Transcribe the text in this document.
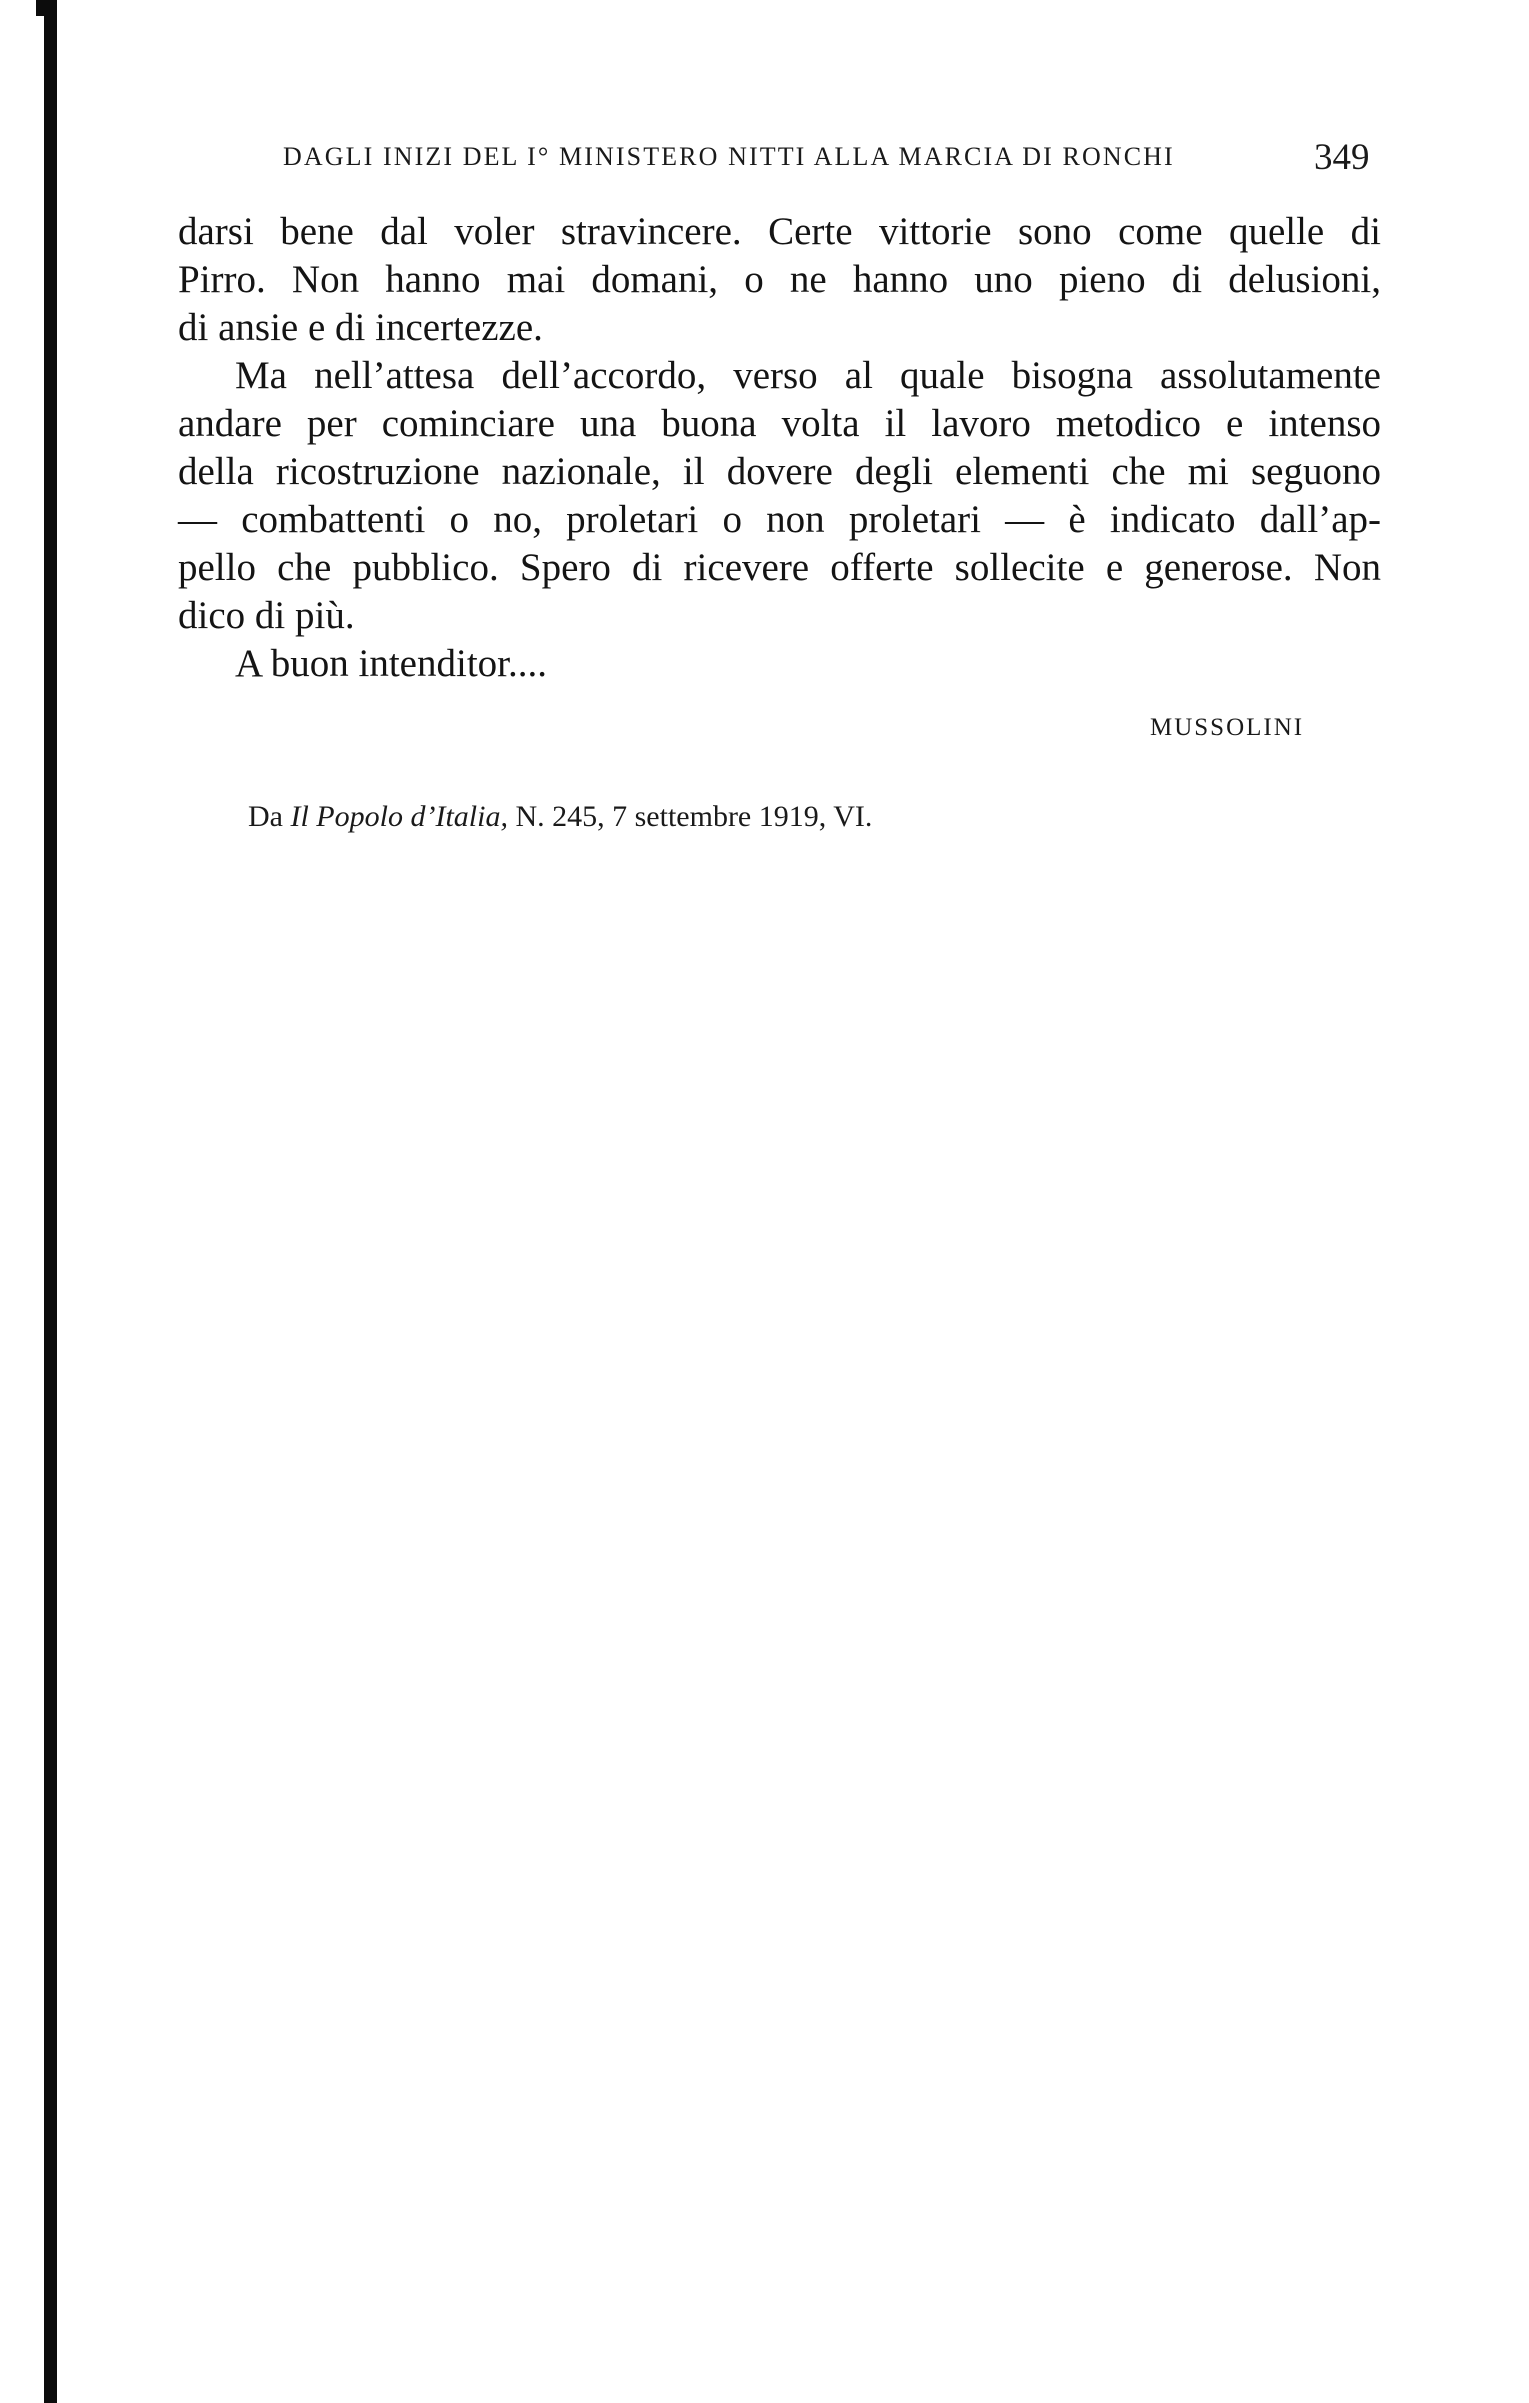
DAGLI INIZI DEL I° MINISTERO NITTI ALLA MARCIA DI RONCHI	349
darsi bene dal voler stravincere. Certe vittorie sono come quelle di
Pirro. Non hanno mai domani, o ne hanno uno pieno di delusioni,
di ansie e di incertezze.
Ma nell’attesa dell’accordo, verso al quale bisogna assolutamente
andare per cominciare una buona volta il lavoro metodico e intenso
della ricostruzione nazionale, il dovere degli elementi che mi seguono
— combattenti o no, proletari o non proletari — è indicato dall’ap-
pello che pubblico. Spero di ricevere offerte sollecite e generose. Non
dico di più.
A buon intenditor....
MUSSOLINI
Da Il Popolo d’Italia, N. 245, 7 settembre 1919, VI.
